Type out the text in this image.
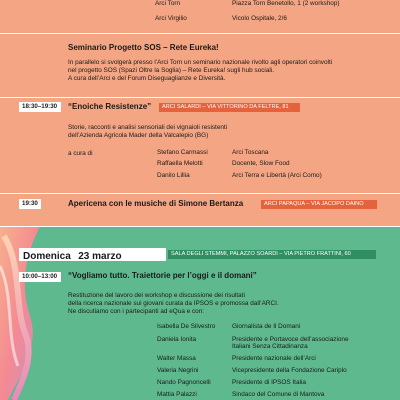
Arci Torn	Piazza Torn Benetollo, 1 (2 workshop)
Arci Virgilio	Vicolo Ospitale, 2/6
Seminario Progetto SOS – Rete Eureka!
In parallelo si svolgerà presso l’Arci Torn un seminario nazionale rivolto agli operatori coinvolti
nel progetto SOS (Spazi Oltre la Soglia) – Rete Eureka! sugli hub sociali.
A cura dell’Arci e del Forum Diseguaglianze e Diversità.
18:30–19:30	“Enoiche Resistenze”	ARCI SALARDI – VIA VITTORINO DA FELTRE, 81
Storie, racconti e analisi sensoriali dei vignaioli resistenti
dell’Azienda Agricola Mader della Valcalepio (BG)
a cura di	Stefano Carmassi	Arci Toscana
Raffaella Melotti	Docente, Slow Food
Danilo Lillia	Arci Terra e Libertà (Arci Como)
19:30	Apericena con le musiche di Simone Bertanza	ARCI PAPAQUA – VIA JACOPO DAINO
Domenica 23 marzo	SALA DEGLI STEMMI, PALAZZO SOARDI – VIA PIETRO FRATTINI, 60
10:00–13:00	“Vogliamo tutto. Traiettorie per l’oggi e il domani”
Restituzione del lavoro dei workshop e discussione dei risultati
della ricerca nazionale sui giovani curata da IPSOS e promossa dall’ARCI.
Ne discutiamo con i partecipanti ad eQua e con:
Isabella De Silvestro	Giornalista de Il Domani
Daniela Ionita	Presidente e Portavoce dell’associazione
Italiani Senza Cittadinanza
Walter Massa	Presidente nazionale dell’Arci
Valeria Negrini	Vicepresidente della Fondazione Cariplo
Nando Pagnoncelli	Presidente di IPSOS Italia
Mattia Palazzi	Sindaco del Comune di Mantova
